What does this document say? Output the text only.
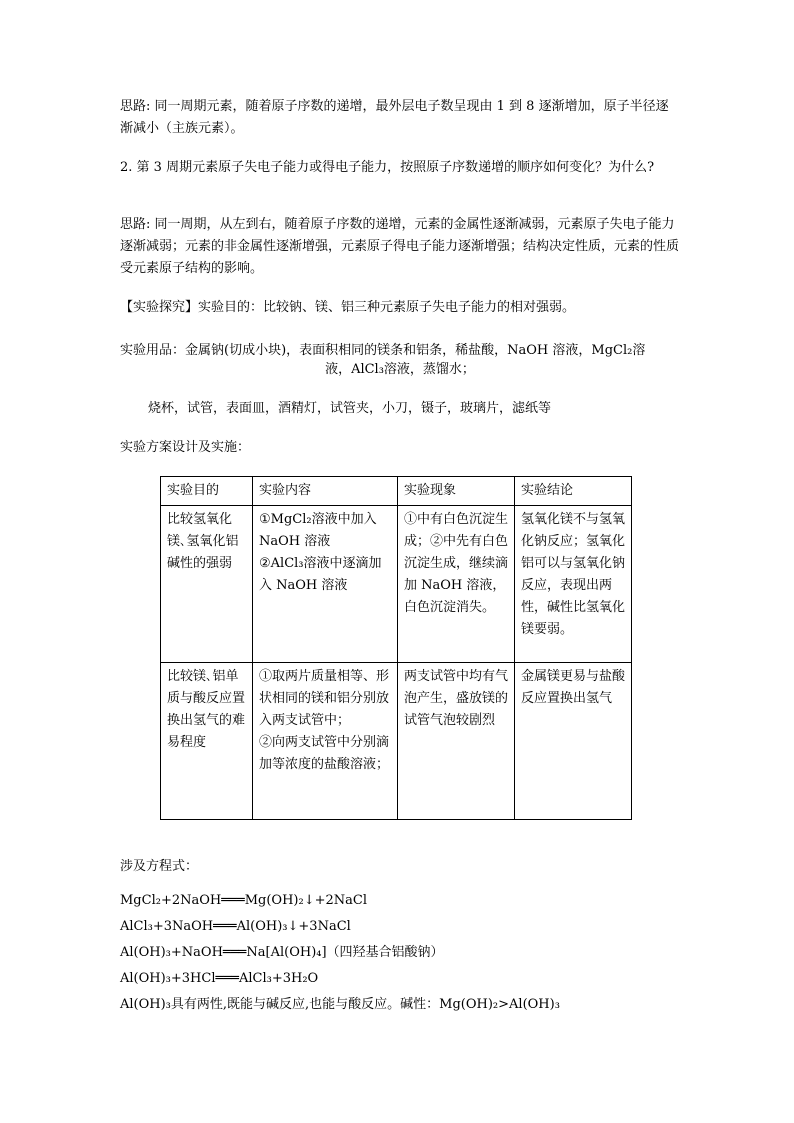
思路: 同一周期元素，随着原子序数的递增，最外层电子数呈现由 1 到 8 逐渐增加，原子半径逐渐减小（主族元素）。

2. 第 3 周期元素原子失电子能力或得电子能力，按照原子序数递增的顺序如何变化？为什么?

思路: 同一周期，从左到右，随着原子序数的递增，元素的金属性逐渐减弱，元素原子失电子能力逐渐减弱；元素的非金属性逐渐增强，元素原子得电子能力逐渐增强；结构决定性质，元素的性质受元素原子结构的影响。

【实验探究】实验目的：比较钠、镁、铝三种元素原子失电子能力的相对强弱。

实验用品：金属钠(切成小块)，表面积相同的镁条和铝条，稀盐酸，NaOH 溶液，MgCl₂溶

液，AlCl₃溶液，蒸馏水；

烧杯，试管，表面皿，酒精灯，试管夹，小刀，镊子，玻璃片，滤纸等

实验方案设计及实施：

实验目的	实验内容	实验现象	实验结论
比较氢氧化镁､氢氧化铝碱性的强弱	①MgCl₂溶液中加入 NaOH 溶液
②AlCl₃溶液中逐滴加入 NaOH 溶液	①中有白色沉淀生成；②中先有白色沉淀生成，继续滴加 NaOH 溶液，白色沉淀消失。	氢氧化镁不与氢氧化钠反应；氢氧化铝可以与氢氧化钠反应，表现出两性，碱性比氢氧化镁要弱。
比较镁､铝单质与酸反应置换出氢气的难易程度	①取两片质量相等、形状相同的镁和铝分别放入两支试管中；
②向两支试管中分别滴加等浓度的盐酸溶液；	两支试管中均有气泡产生，盛放镁的试管气泡较剧烈	金属镁更易与盐酸反应置换出氢气

涉及方程式：

MgCl₂+2NaOH═══Mg(OH)₂↓+2NaCl

AlCl₃+3NaOH═══Al(OH)₃↓+3NaCl

Al(OH)₃+NaOH═══Na[Al(OH)₄]（四羟基合铝酸钠）

Al(OH)₃+3HCl═══AlCl₃+3H₂O

Al(OH)₃具有两性,既能与碱反应,也能与酸反应。碱性：Mg(OH)₂>Al(OH)₃
